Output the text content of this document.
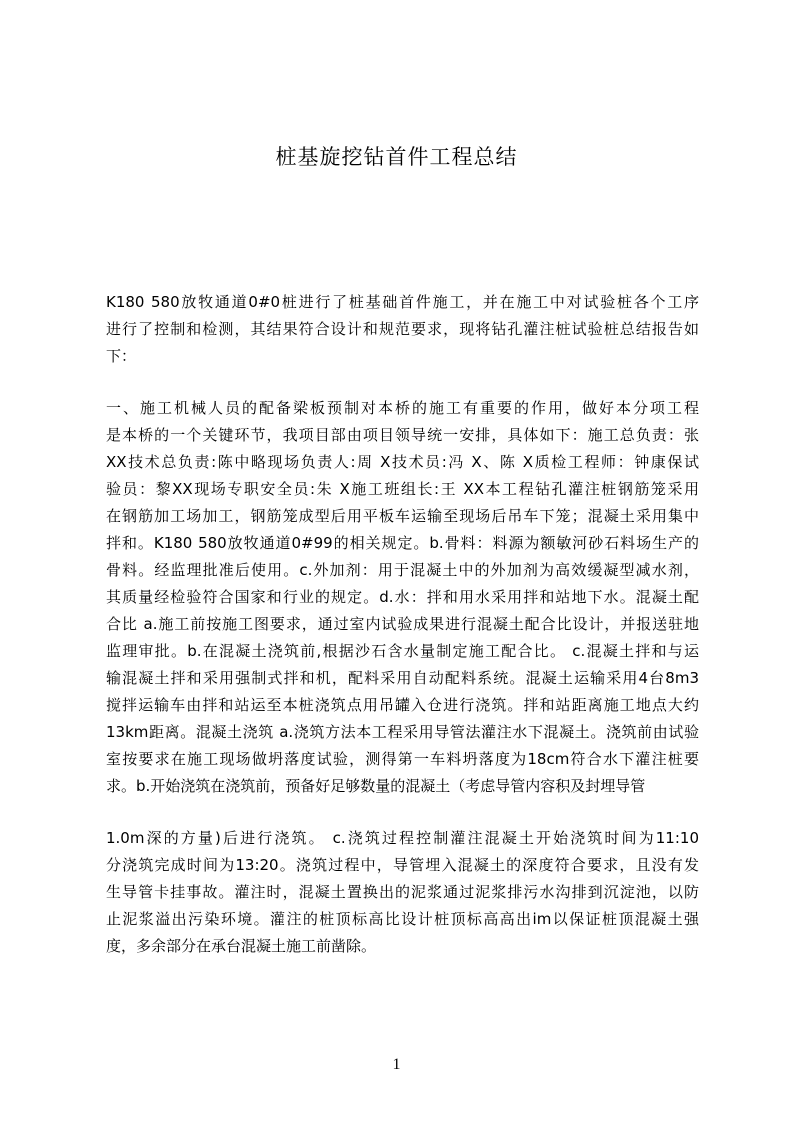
桩基旋挖钻首件工程总结
K180 580放牧通道0#0桩进行了桩基础首件施工，并在施工中对试验桩各个工序
进行了控制和检测，其结果符合设计和规范要求，现将钻孔灌注桩试验桩总结报告如
下：
一、施工机械人员的配备梁板预制对本桥的施工有重要的作用，做好本分项工程
是本桥的一个关键环节，我项目部由项目领导统一安排，具体如下：施工总负责：张
XX技术总负责:陈中略现场负责人:周 X技术员:冯 X、陈 X质检工程师：钟康保试
验员：黎XX现场专职安全员:朱 X施工班组长:王 XX本工程钻孔灌注桩钢筋笼采用
在钢筋加工场加工，钢筋笼成型后用平板车运输至现场后吊车下笼；混凝土采用集中
拌和。K180 580放牧通道0#99的相关规定。b.骨料：料源为额敏河砂石料场生产的
骨料。经监理批准后使用。c.外加剂：用于混凝土中的外加剂为高效缓凝型减水剂，
其质量经检验符合国家和行业的规定。d.水：拌和用水采用拌和站地下水。混凝土配
合比 a.施工前按施工图要求，通过室内试验成果进行混凝土配合比设计，并报送驻地
监理审批。b.在混凝土浇筑前,根据沙石含水量制定施工配合比。 c.混凝土拌和与运
输混凝土拌和采用强制式拌和机，配料采用自动配料系统。混凝土运输采用4台8m3
搅拌运输车由拌和站运至本桩浇筑点用吊罐入仓进行浇筑。拌和站距离施工地点大约
13km距离。混凝土浇筑 a.浇筑方法本工程采用导管法灌注水下混凝土。浇筑前由试验
室按要求在施工现场做坍落度试验，测得第一车料坍落度为18cm符合水下灌注桩要
求。b.开始浇筑在浇筑前，预备好足够数量的混凝土（考虑导管内容积及封埋导管
1.0m深的方量)后进行浇筑。 c.浇筑过程控制灌注混凝土开始浇筑时间为11:10
分浇筑完成时间为13:20。浇筑过程中，导管埋入混凝土的深度符合要求，且没有发
生导管卡挂事故。灌注时，混凝土置换出的泥浆通过泥浆排污水沟排到沉淀池，以防
止泥浆溢出污染环境。灌注的桩顶标高比设计桩顶标高高出im以保证桩顶混凝土强
度，多余部分在承台混凝土施工前凿除。
1
